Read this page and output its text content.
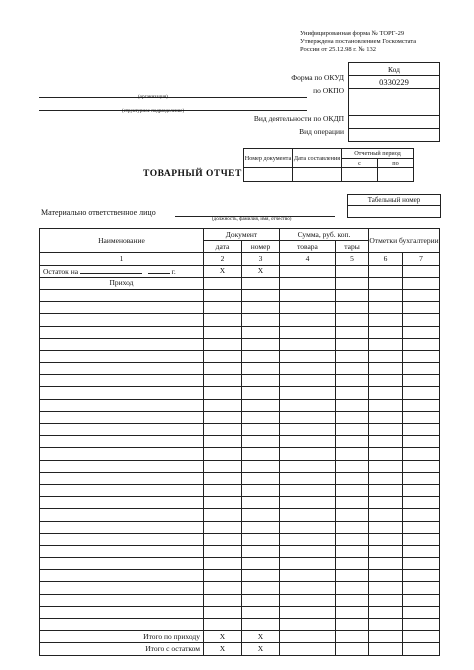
Унифицированная форма № ТОРГ-29
Утверждена постановлением Госкомстата
России от 25.12.98 г. № 132
Код
0330229

Форма по ОКУД
по ОКПО
(организация)
(структурное подразделение)
Вид деятельности по ОКДП
Вид операции
Номер документа	Дата составления	Отчетный период	
		с	по

ТОВАРНЫЙ ОТЧЕТ
Табельный номер

Материально ответственное лицо
(должность, фамилия, имя, отчество)
Наименование	Документ		Сумма, руб. коп.		Отметки бухгалтерии	
	дата	номер	товара	тары		
1	2	3	4	5	6	7
Остаток на г.	X	X				
Приход						

Итого по приходу	X	X				
Итого с остатком	X	X				
